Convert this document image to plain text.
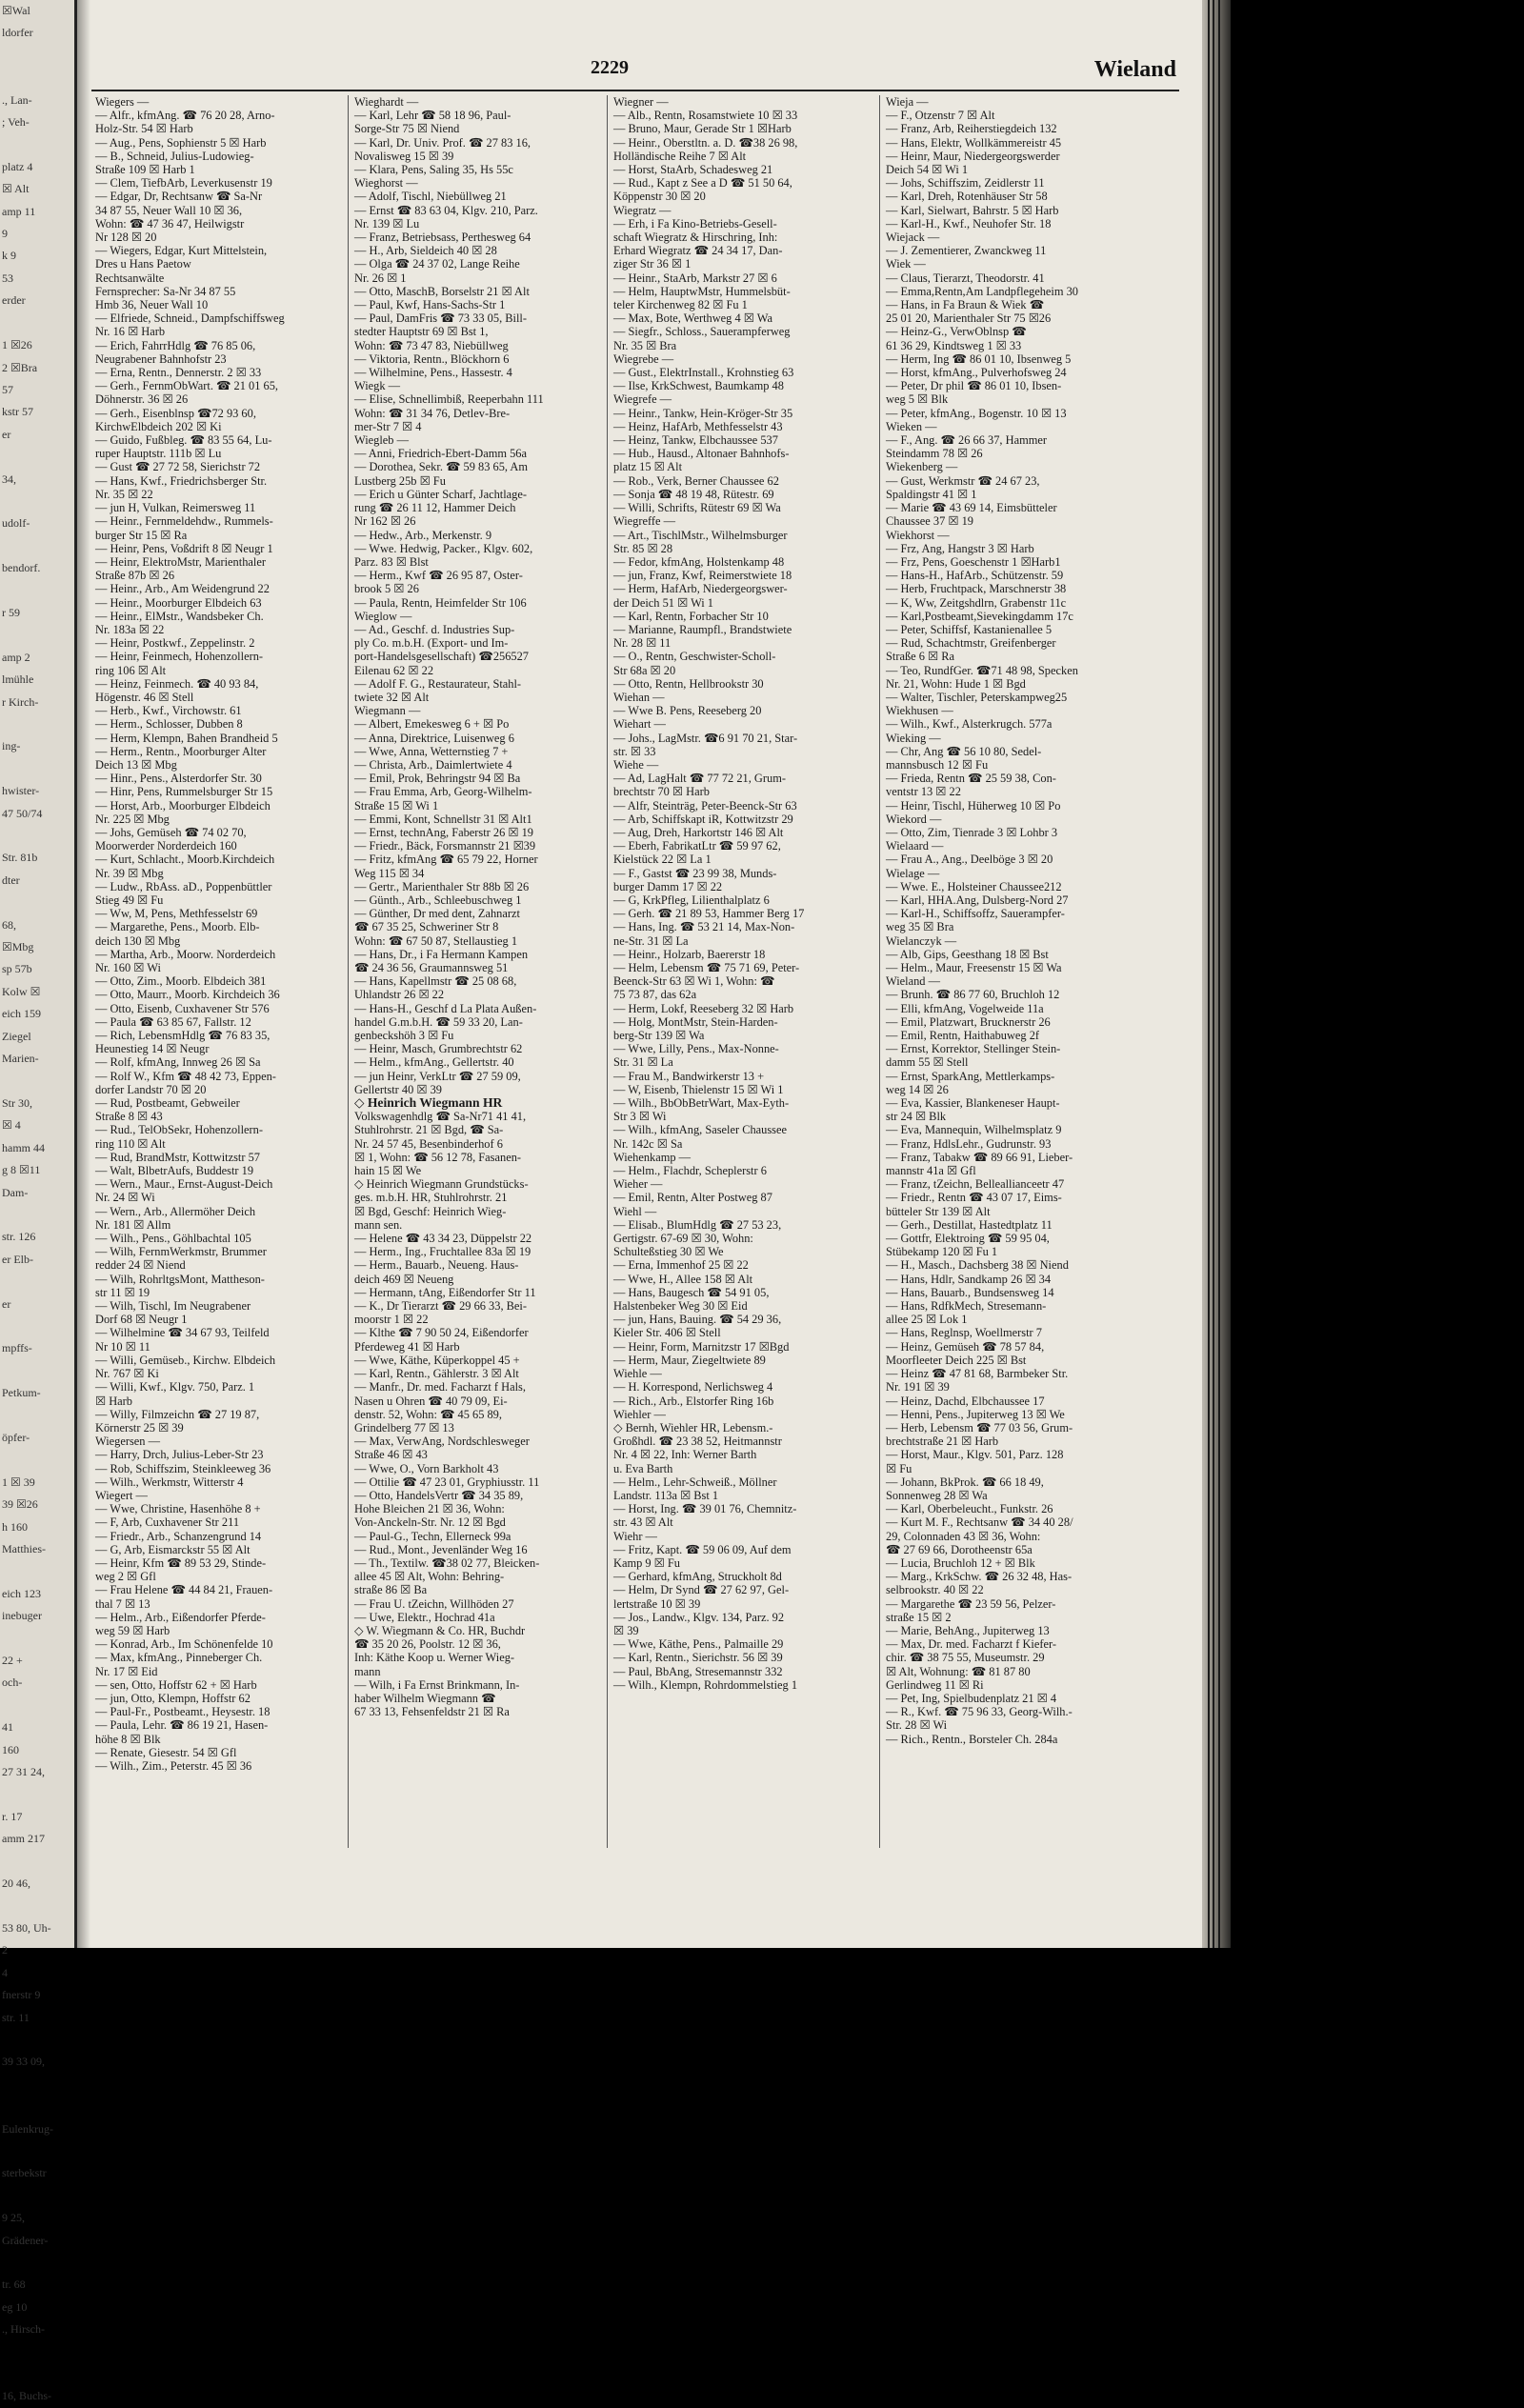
☒Wal
ldorfer

., Lan-
; Veh-

platz 4
☒ Alt
amp 11
9
k 9
53
erder

1 ☒26
2 ☒Bra
57
kstr 57
er

34,

udolf-

bendorf.

r 59

amp 2
lmühle
r Kirch-

ing-

hwister-
47 50/74

Str. 81b
dter

68,
☒Mbg
sp 57b
Kolw ☒
eich 159
Ziegel
Marien-

Str 30,
☒ 4
hamm 44
g 8 ☒11
Dam-

str. 126
er Elb-

er

mpffs-

Petkum-

öpfer-

1 ☒ 39
39 ☒26
h 160
Matthies-

eich 123
inebuger

22 +
och-

41
160
27 31 24,

r. 17
amm 217

20 46,

53 80, Uh-
2
4
fnerstr 9
str. 11

39 33 09,

Eulenkrug-

sterbekstr

9 25,
Grädener-

tr. 68
eg 10
., Hirsch-

16, Buchs-
2229	Wieland
Wiegers —
— Alfr., kfmAng. ☎ 76 20 28, Arno-
Holz-Str. 54 ☒ Harb
— Aug., Pens, Sophienstr 5 ☒ Harb
— B., Schneid, Julius-Ludowieg-
Straße 109 ☒ Harb 1
— Clem, TiefbArb, Leverkusenstr 19
— Edgar, Dr, Rechtsanw ☎ Sa-Nr
34 87 55, Neuer Wall 10 ☒ 36,
Wohn: ☎ 47 36 47, Heilwigstr
Nr 128 ☒ 20
— Wiegers, Edgar, Kurt Mittelstein,
Dres u Hans Paetow
Rechtsanwälte
Fernsprecher: Sa-Nr 34 87 55
Hmb 36, Neuer Wall 10
— Elfriede, Schneid., Dampfschiffsweg
Nr. 16 ☒ Harb
— Erich, FahrrHdlg ☎ 76 85 06,
Neugrabener Bahnhofstr 23
— Erna, Rentn., Dennerstr. 2 ☒ 33
— Gerh., FernmObWart. ☎ 21 01 65,
Döhnerstr. 36 ☒ 26
— Gerh., Eisenblnsp ☎72 93 60,
KirchwElbdeich 202 ☒ Ki
— Guido, Fußbleg. ☎ 83 55 64, Lu-
ruper Hauptstr. 111b ☒ Lu
— Gust ☎ 27 72 58, Sierichstr 72
— Hans, Kwf., Friedrichsberger Str.
Nr. 35 ☒ 22
— jun H, Vulkan, Reimersweg 11
— Heinr., Fernmeldehdw., Rummels-
burger Str 15 ☒ Ra
— Heinr, Pens, Voßdrift 8 ☒ Neugr 1
— Heinr, ElektroMstr, Marienthaler
Straße 87b ☒ 26
— Heinr., Arb., Am Weidengrund 22
— Heinr., Moorburger Elbdeich 63
— Heinr., ElMstr., Wandsbeker Ch.
Nr. 183a ☒ 22
— Heinr, Postkwf., Zeppelinstr. 2
— Heinr, Feinmech, Hohenzollern-
ring 106 ☒ Alt
— Heinz, Feinmech. ☎ 40 93 84,
Högenstr. 46 ☒ Stell
— Herb., Kwf., Virchowstr. 61
— Herm., Schlosser, Dubben 8
— Herm, Klempn, Bahen Brandheid 5
— Herm., Rentn., Moorburger Alter
Deich 13 ☒ Mbg
— Hinr., Pens., Alsterdorfer Str. 30
— Hinr, Pens, Rummelsburger Str 15
— Horst, Arb., Moorburger Elbdeich
Nr. 225 ☒ Mbg
— Johs, Gemüseh ☎ 74 02 70,
Moorwerder Norderdeich 160
— Kurt, Schlacht., Moorb.Kirchdeich
Nr. 39 ☒ Mbg
— Ludw., RbAss. aD., Poppenbüttler
Stieg 49 ☒ Fu
— Ww, M, Pens, Methfesselstr 69
— Margarethe, Pens., Moorb. Elb-
deich 130 ☒ Mbg
— Martha, Arb., Moorw. Norderdeich
Nr. 160 ☒ Wi
— Otto, Zim., Moorb. Elbdeich 381
— Otto, Maurr., Moorb. Kirchdeich 36
— Otto, Eisenb, Cuxhavener Str 576
— Paula ☎ 63 85 67, Fallstr. 12
— Rich, LebensmHdlg ☎ 76 83 35,
Heunestieg 14 ☒ Neugr
— Rolf, kfmAng, Innweg 26 ☒ Sa
— Rolf W., Kfm ☎ 48 42 73, Eppen-
dorfer Landstr 70 ☒ 20
— Rud, Postbeamt, Gebweiler
Straße 8 ☒ 43
— Rud., TelObSekr, Hohenzollern-
ring 110 ☒ Alt
— Rud, BrandMstr, Kottwitzstr 57
— Walt, BlbetrAufs, Buddestr 19
— Wern., Maur., Ernst-August-Deich
Nr. 24 ☒ Wi
— Wern., Arb., Allermöher Deich
Nr. 181 ☒ Allm
— Wilh., Pens., Göhlbachtal 105
— Wilh, FernmWerkmstr, Brummer
redder 24 ☒ Niend
— Wilh, RohrltgsMont, Mattheson-
str 11 ☒ 19
— Wilh, Tischl, Im Neugrabener
Dorf 68 ☒ Neugr 1
— Wilhelmine ☎ 34 67 93, Teilfeld
Nr 10 ☒ 11
— Willi, Gemüseb., Kirchw. Elbdeich
Nr. 767 ☒ Ki
— Willi, Kwf., Klgv. 750, Parz. 1
☒ Harb
— Willy, Filmzeichn ☎ 27 19 87,
Körnerstr 25 ☒ 39
Wiegersen —
— Harry, Drch, Julius-Leber-Str 23
— Rob, Schiffszim, Steinkleeweg 36
— Wilh., Werkmstr, Witterstr 4
Wiegert —
— Wwe, Christine, Hasenhöhe 8 +
— F, Arb, Cuxhavener Str 211
— Friedr., Arb., Schanzengrund 14
— G, Arb, Eismarckstr 55 ☒ Alt
— Heinr, Kfm ☎ 89 53 29, Stinde-
weg 2 ☒ Gfl
— Frau Helene ☎ 44 84 21, Frauen-
thal 7 ☒ 13
— Helm., Arb., Eißendorfer Pferde-
weg 59 ☒ Harb
— Konrad, Arb., Im Schönenfelde 10
— Max, kfmAng., Pinneberger Ch.
Nr. 17 ☒ Eid
— sen, Otto, Hoffstr 62 + ☒ Harb
— jun, Otto, Klempn, Hoffstr 62
— Paul-Fr., Postbeamt., Heysestr. 18
— Paula, Lehr. ☎ 86 19 21, Hasen-
höhe 8 ☒ Blk
— Renate, Giesestr. 54 ☒ Gfl
— Wilh., Zim., Peterstr. 45 ☒ 36
Wieghardt —
— Karl, Lehr ☎ 58 18 96, Paul-
Sorge-Str 75 ☒ Niend
— Karl, Dr. Univ. Prof. ☎ 27 83 16,
Novalisweg 15 ☒ 39
— Klara, Pens, Saling 35, Hs 55c
Wieghorst —
— Adolf, Tischl, Niebüllweg 21
— Ernst ☎ 83 63 04, Klgv. 210, Parz.
Nr. 139 ☒ Lu
— Franz, Betriebsass, Perthesweg 64
— H., Arb, Sieldeich 40 ☒ 28
— Olga ☎ 24 37 02, Lange Reihe
Nr. 26 ☒ 1
— Otto, MaschB, Borselstr 21 ☒ Alt
— Paul, Kwf, Hans-Sachs-Str 1
— Paul, DamFris ☎ 73 33 05, Bill-
stedter Hauptstr 69 ☒ Bst 1,
Wohn: ☎ 73 47 83, Niebüllweg
— Viktoria, Rentn., Blöckhorn 6
— Wilhelmine, Pens., Hassestr. 4
Wiegk —
— Elise, Schnellimbiß, Reeperbahn 111
Wohn: ☎ 31 34 76, Detlev-Bre-
mer-Str 7 ☒ 4
Wiegleb —
— Anni, Friedrich-Ebert-Damm 56a
— Dorothea, Sekr. ☎ 59 83 65, Am
Lustberg 25b ☒ Fu
— Erich u Günter Scharf, Jachtlage-
rung ☎ 26 11 12, Hammer Deich
Nr 162 ☒ 26
— Hedw., Arb., Merkenstr. 9
— Wwe. Hedwig, Packer., Klgv. 602,
Parz. 83 ☒ Blst
— Herm., Kwf ☎ 26 95 87, Oster-
brook 5 ☒ 26
— Paula, Rentn, Heimfelder Str 106
Wieglow —
— Ad., Geschf. d. Industries Sup-
ply Co. m.b.H. (Export- und Im-
port-Handelsgesellschaft) ☎256527
Eilenau 62 ☒ 22
— Adolf F. G., Restaurateur, Stahl-
twiete 32 ☒ Alt
Wiegmann —
— Albert, Emekesweg 6 + ☒ Po
— Anna, Direktrice, Luisenweg 6
— Wwe, Anna, Wetternstieg 7 +
— Christa, Arb., Daimlertwiete 4
— Emil, Prok, Behringstr 94 ☒ Ba
— Frau Emma, Arb, Georg-Wilhelm-
Straße 15 ☒ Wi 1
— Emmi, Kont, Schnellstr 31 ☒ Alt1
— Ernst, technAng, Faberstr 26 ☒ 19
— Friedr., Bäck, Forsmannstr 21 ☒39
— Fritz, kfmAng ☎ 65 79 22, Horner
Weg 115 ☒ 34
— Gertr., Marienthaler Str 88b ☒ 26
— Günth., Arb., Schleebuschweg 1
— Günther, Dr med dent, Zahnarzt
☎ 67 35 25, Schweriner Str 8
Wohn: ☎ 67 50 87, Stellaustieg 1
— Hans, Dr., i Fa Hermann Kampen
☎ 24 36 56, Graumannsweg 51
— Hans, Kapellmstr ☎ 25 08 68,
Uhlandstr 26 ☒ 22
— Hans-H., Geschf d La Plata Außen-
handel G.m.b.H. ☎ 59 33 20, Lan-
genbeckshöh 3 ☒ Fu
— Heinr, Masch, Grumbrechtstr 62
— Helm., kfmAng., Gellertstr. 40
— jun Heinr, VerkLtr ☎ 27 59 09,
Gellertstr 40 ☒ 39
◇ Heinrich Wiegmann HR
Volkswagenhdlg ☎ Sa-Nr71 41 41,
Stuhlrohrstr. 21 ☒ Bgd, ☎ Sa-
Nr. 24 57 45, Besenbinderhof 6
☒ 1, Wohn: ☎ 56 12 78, Fasanen-
hain 15 ☒ We
◇ Heinrich Wiegmann Grundstücks-
ges. m.b.H. HR, Stuhlrohrstr. 21
☒ Bgd, Geschf: Heinrich Wieg-
mann sen.
— Helene ☎ 43 34 23, Düppelstr 22
— Herm., Ing., Fruchtallee 83a ☒ 19
— Herm., Bauarb., Neueng. Haus-
deich 469 ☒ Neueng
— Hermann, tAng, Eißendorfer Str 11
— K., Dr Tierarzt ☎ 29 66 33, Bei-
moorstr 1 ☒ 22
— Klthe ☎ 7 90 50 24, Eißendorfer
Pferdeweg 41 ☒ Harb
— Wwe, Käthe, Küperkoppel 45 +
— Karl, Rentn., Gählerstr. 3 ☒ Alt
— Manfr., Dr. med. Facharzt f Hals,
Nasen u Ohren ☎ 40 79 09, Ei-
denstr. 52, Wohn: ☎ 45 65 89,
Grindelberg 77 ☒ 13
— Max, VerwAng, Nordschlesweger
Straße 46 ☒ 43
— Wwe, O., Vorn Barkholt 43
— Ottilie ☎ 47 23 01, Gryphiusstr. 11
— Otto, HandelsVertr ☎ 34 35 89,
Hohe Bleichen 21 ☒ 36, Wohn:
Von-Anckeln-Str. Nr. 12 ☒ Bgd
— Paul-G., Techn, Ellerneck 99a
— Rud., Mont., Jevenländer Weg 16
— Th., Textilw. ☎38 02 77, Bleicken-
allee 45 ☒ Alt, Wohn: Behring-
straße 86 ☒ Ba
— Frau U. tZeichn, Willhöden 27
— Uwe, Elektr., Hochrad 41a
◇ W. Wiegmann & Co. HR, Buchdr
☎ 35 20 26, Poolstr. 12 ☒ 36,
Inh: Käthe Koop u. Werner Wieg-
mann
— Wilh, i Fa Ernst Brinkmann, In-
haber Wilhelm Wiegmann ☎
67 33 13, Fehsenfeldstr 21 ☒ Ra
Wiegner —
— Alb., Rentn, Rosamstwiete 10 ☒ 33
— Bruno, Maur, Gerade Str 1 ☒Harb
— Heinr., Oberstltn. a. D. ☎38 26 98,
Holländische Reihe 7 ☒ Alt
— Horst, StaArb, Schadesweg 21
— Rud., Kapt z See a D ☎ 51 50 64,
Köppenstr 30 ☒ 20
Wiegratz —
— Erh, i Fa Kino-Betriebs-Gesell-
schaft Wiegratz & Hirschring, Inh:
Erhard Wiegratz ☎ 24 34 17, Dan-
ziger Str 36 ☒ 1
— Heinr., StaArb, Markstr 27 ☒ 6
— Helm, HauptwMstr, Hummelsbüt-
teler Kirchenweg 82 ☒ Fu 1
— Max, Bote, Werthweg 4 ☒ Wa
— Siegfr., Schloss., Sauerampferweg
Nr. 35 ☒ Bra
Wiegrebe —
— Gust., ElektrInstall., Krohnstieg 63
— Ilse, KrkSchwest, Baumkamp 48
Wiegrefe —
— Heinr., Tankw, Hein-Kröger-Str 35
— Heinz, HafArb, Methfesselstr 43
— Heinz, Tankw, Elbchaussee 537
— Hub., Hausd., Altonaer Bahnhofs-
platz 15 ☒ Alt
— Rob., Verk, Berner Chaussee 62
— Sonja ☎ 48 19 48, Rütestr. 69
— Willi, Schrifts, Rütestr 69 ☒ Wa
Wiegreffe —
— Art., TischlMstr., Wilhelmsburger
Str. 85 ☒ 28
— Fedor, kfmAng, Holstenkamp 48
— jun, Franz, Kwf, Reimerstwiete 18
— Herm, HafArb, Niedergeorgswer-
der Deich 51 ☒ Wi 1
— Karl, Rentn, Forbacher Str 10
— Marianne, Raumpfl., Brandstwiete
Nr. 28 ☒ 11
— O., Rentn, Geschwister-Scholl-
Str 68a ☒ 20
— Otto, Rentn, Hellbrookstr 30
Wiehan —
— Wwe B. Pens, Reeseberg 20
Wiehart —
— Johs., LagMstr. ☎6 91 70 21, Star-
str. ☒ 33
Wiehe —
— Ad, LagHalt ☎ 77 72 21, Grum-
brechtstr 70 ☒ Harb
— Alfr, Steinträg, Peter-Beenck-Str 63
— Arb, Schiffskapt iR, Kottwitzstr 29
— Aug, Dreh, Harkortstr 146 ☒ Alt
— Eberh, FabrikatLtr ☎ 59 97 62,
Kielstück 22 ☒ La 1
— F., Gastst ☎ 23 99 38, Munds-
burger Damm 17 ☒ 22
— G, KrkPfleg, Lilienthalplatz 6
— Gerh. ☎ 21 89 53, Hammer Berg 17
— Hans, Ing. ☎ 53 21 14, Max-Non-
ne-Str. 31 ☒ La
— Heinr., Holzarb, Baererstr 18
— Helm, Lebensm ☎ 75 71 69, Peter-
Beenck-Str 63 ☒ Wi 1, Wohn: ☎
75 73 87, das 62a
— Herm, Lokf, Reeseberg 32 ☒ Harb
— Holg, MontMstr, Stein-Harden-
berg-Str 139 ☒ Wa
— Wwe, Lilly, Pens., Max-Nonne-
Str. 31 ☒ La
— Frau M., Bandwirkerstr 13 +
— W, Eisenb, Thielenstr 15 ☒ Wi 1
— Wilh., BbObBetrWart, Max-Eyth-
Str 3 ☒ Wi
— Wilh., kfmAng, Saseler Chaussee
Nr. 142c ☒ Sa
Wiehenkamp —
— Helm., Flachdr, Scheplerstr 6
Wieher —
— Emil, Rentn, Alter Postweg 87
Wiehl —
— Elisab., BlumHdlg ☎ 27 53 23,
Gertigstr. 67-69 ☒ 30, Wohn:
Schulteßstieg 30 ☒ We
— Erna, Immenhof 25 ☒ 22
— Wwe, H., Allee 158 ☒ Alt
— Hans, Baugesch ☎ 54 91 05,
Halstenbeker Weg 30 ☒ Eid
— jun, Hans, Bauing. ☎ 54 29 36,
Kieler Str. 406 ☒ Stell
— Heinr, Form, Marnitzstr 17 ☒Bgd
— Herm, Maur, Ziegeltwiete 89
Wiehle —
— H. Korrespond, Nerlichsweg 4
— Rich., Arb., Elstorfer Ring 16b
Wiehler —
◇ Bernh, Wiehler HR, Lebensm.-
Großhdl. ☎ 23 38 52, Heitmannstr
Nr. 4 ☒ 22, Inh: Werner Barth
u. Eva Barth
— Helm., Lehr-Schweiß., Möllner
Landstr. 113a ☒ Bst 1
— Horst, Ing. ☎ 39 01 76, Chemnitz-
str. 43 ☒ Alt
Wiehr —
— Fritz, Kapt. ☎ 59 06 09, Auf dem
Kamp 9 ☒ Fu
— Gerhard, kfmAng, Struckholt 8d
— Helm, Dr Synd ☎ 27 62 97, Gel-
lertstraße 10 ☒ 39
— Jos., Landw., Klgv. 134, Parz. 92
☒ 39
— Wwe, Käthe, Pens., Palmaille 29
— Karl, Rentn., Sierichstr. 56 ☒ 39
— Paul, BbAng, Stresemannstr 332
— Wilh., Klempn, Rohrdommelstieg 1
Wieja —
— F., Otzenstr 7 ☒ Alt
— Franz, Arb, Reiherstiegdeich 132
— Hans, Elektr, Wollkämmereistr 45
— Heinr, Maur, Niedergeorgswerder
Deich 54 ☒ Wi 1
— Johs, Schiffszim, Zeidlerstr 11
— Karl, Dreh, Rotenhäuser Str 58
— Karl, Sielwart, Bahrstr. 5 ☒ Harb
— Karl-H., Kwf., Neuhofer Str. 18
Wiejack —
— J. Zementierer, Zwanckweg 11
Wiek —
— Claus, Tierarzt, Theodorstr. 41
— Emma,Rentn,Am Landpflegeheim 30
— Hans, in Fa Braun & Wiek ☎
25 01 20, Marienthaler Str 75 ☒26
— Heinz-G., VerwOblnsp ☎
61 36 29, Kindtsweg 1 ☒ 33
— Herm, Ing ☎ 86 01 10, Ibsenweg 5
— Horst, kfmAng., Pulverhofsweg 24
— Peter, Dr phil ☎ 86 01 10, Ibsen-
weg 5 ☒ Blk
— Peter, kfmAng., Bogenstr. 10 ☒ 13
Wieken —
— F., Ang. ☎ 26 66 37, Hammer
Steindamm 78 ☒ 26
Wiekenberg —
— Gust, Werkmstr ☎ 24 67 23,
Spaldingstr 41 ☒ 1
— Marie ☎ 43 69 14, Eimsbütteler
Chaussee 37 ☒ 19
Wiekhorst —
— Frz, Ang, Hangstr 3 ☒ Harb
— Frz, Pens, Goeschenstr 1 ☒Harb1
— Hans-H., HafArb., Schützenstr. 59
— Herb, Fruchtpack, Marschnerstr 38
— K, Ww, Zeitgshdlrn, Grabenstr 11c
— Karl,Postbeamt,Sievekingdamm 17c
— Peter, Schiffsf, Kastanienallee 5
— Rud, Schachtmstr, Greifenberger
Straße 6 ☒ Ra
— Teo, RundfGer. ☎71 48 98, Specken
Nr. 21, Wohn: Hude 1 ☒ Bgd
— Walter, Tischler, Peterskampweg25
Wiekhusen —
— Wilh., Kwf., Alsterkrugch. 577a
Wieking —
— Chr, Ang ☎ 56 10 80, Sedel-
mannsbusch 12 ☒ Fu
— Frieda, Rentn ☎ 25 59 38, Con-
ventstr 13 ☒ 22
— Heinr, Tischl, Hüherweg 10 ☒ Po
Wiekord —
— Otto, Zim, Tienrade 3 ☒ Lohbr 3
Wielaard —
— Frau A., Ang., Deelböge 3 ☒ 20
Wielage —
— Wwe. E., Holsteiner Chaussee212
— Karl, HHA.Ang, Dulsberg-Nord 27
— Karl-H., Schiffsoffz, Sauerampfer-
weg 35 ☒ Bra
Wielanczyk —
— Alb, Gips, Geesthang 18 ☒ Bst
— Helm., Maur, Freesenstr 15 ☒ Wa
Wieland —
— Brunh. ☎ 86 77 60, Bruchloh 12
— Elli, kfmAng, Vogelweide 11a
— Emil, Platzwart, Brucknerstr 26
— Emil, Rentn, Haithabuweg 2f
— Ernst, Korrektor, Stellinger Stein-
damm 55 ☒ Stell
— Ernst, SparkAng, Mettlerkamps-
weg 14 ☒ 26
— Eva, Kassier, Blankeneser Haupt-
str 24 ☒ Blk
— Eva, Mannequin, Wilhelmsplatz 9
— Franz, HdlsLehr., Gudrunstr. 93
— Franz, Tabakw ☎ 89 66 91, Lieber-
mannstr 41a ☒ Gfl
— Franz, tZeichn, Belleallianceetr 47
— Friedr., Rentn ☎ 43 07 17, Eims-
bütteler Str 139 ☒ Alt
— Gerh., Destillat, Hastedtplatz 11
— Gottfr, Elektroing ☎ 59 95 04,
Stübekamp 120 ☒ Fu 1
— H., Masch., Dachsberg 38 ☒ Niend
— Hans, Hdlr, Sandkamp 26 ☒ 34
— Hans, Bauarb., Bundsensweg 14
— Hans, RdfkMech, Stresemann-
allee 25 ☒ Lok 1
— Hans, Reglnsp, Woellmerstr 7
— Heinz, Gemüseh ☎ 78 57 84,
Moorfleeter Deich 225 ☒ Bst
— Heinz ☎ 47 81 68, Barmbeker Str.
Nr. 191 ☒ 39
— Heinz, Dachd, Elbchaussee 17
— Henni, Pens., Jupiterweg 13 ☒ We
— Herb, Lebensm ☎ 77 03 56, Grum-
brechtstraße 21 ☒ Harb
— Horst, Maur., Klgv. 501, Parz. 128
☒ Fu
— Johann, BkProk. ☎ 66 18 49,
Sonnenweg 28 ☒ Wa
— Karl, Oberbeleucht., Funkstr. 26
— Kurt M. F., Rechtsanw ☎ 34 40 28/
29, Colonnaden 43 ☒ 36, Wohn:
☎ 27 69 66, Dorotheenstr 65a
— Lucia, Bruchloh 12 + ☒ Blk
— Marg., KrkSchw. ☎ 26 32 48, Has-
selbrookstr. 40 ☒ 22
— Margarethe ☎ 23 59 56, Pelzer-
straße 15 ☒ 2
— Marie, BehAng., Jupiterweg 13
— Max, Dr. med. Facharzt f Kiefer-
chir. ☎ 38 75 55, Museumstr. 29
☒ Alt, Wohnung: ☎ 81 87 80
Gerlindweg 11 ☒ Ri
— Pet, Ing, Spielbudenplatz 21 ☒ 4
— R., Kwf. ☎ 75 96 33, Georg-Wilh.-
Str. 28 ☒ Wi
— Rich., Rentn., Borsteler Ch. 284a
